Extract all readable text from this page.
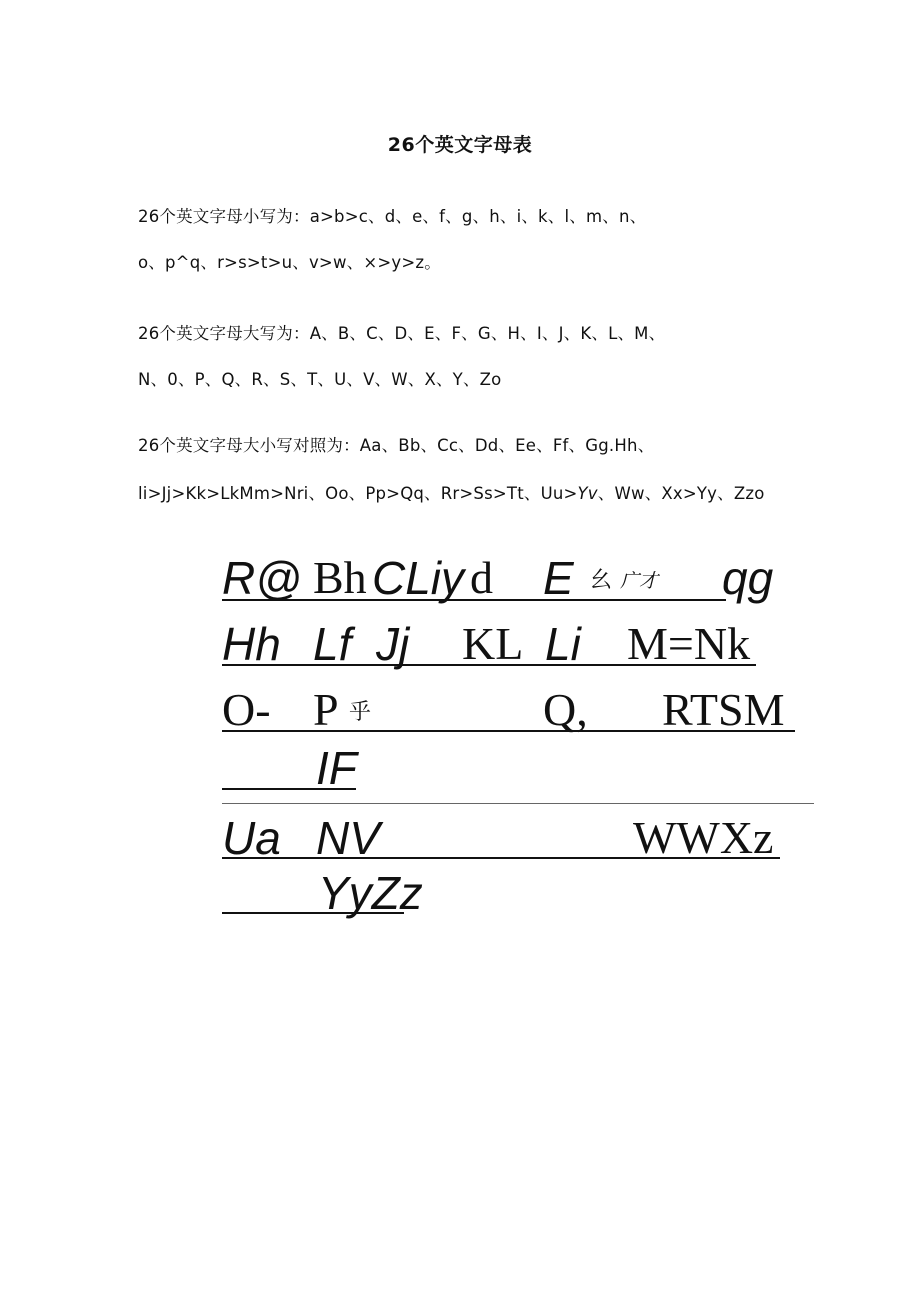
26个英文字母表
26个英文字母小写为：a>b>c、d、e、f、g、h、i、k、l、m、n、
o、p^q、r>s>t>u、v>w、×>y>z。
26个英文字母大写为：A、B、C、D、E、F、G、H、I、J、K、L、M、
N、0、P、Q、R、S、T、U、V、W、X、Y、Zo
26个英文字母大小写对照为：Aa、Bb、Cc、Dd、Ee、Ff、Gg.Hh、
li>Jj>Kk>LkMm>Nri、Oo、Pp>Qq、Rr>Ss>Tt、Uu>Yv、Ww、Xx>Yy、Zzo
R@ Bh CLiy d E 幺 广才 qg
Hh Lf Jj KL Li M=Nk
O- P 乎	Q, RTSM
IF
Ua NV	WWXz
YyZz
